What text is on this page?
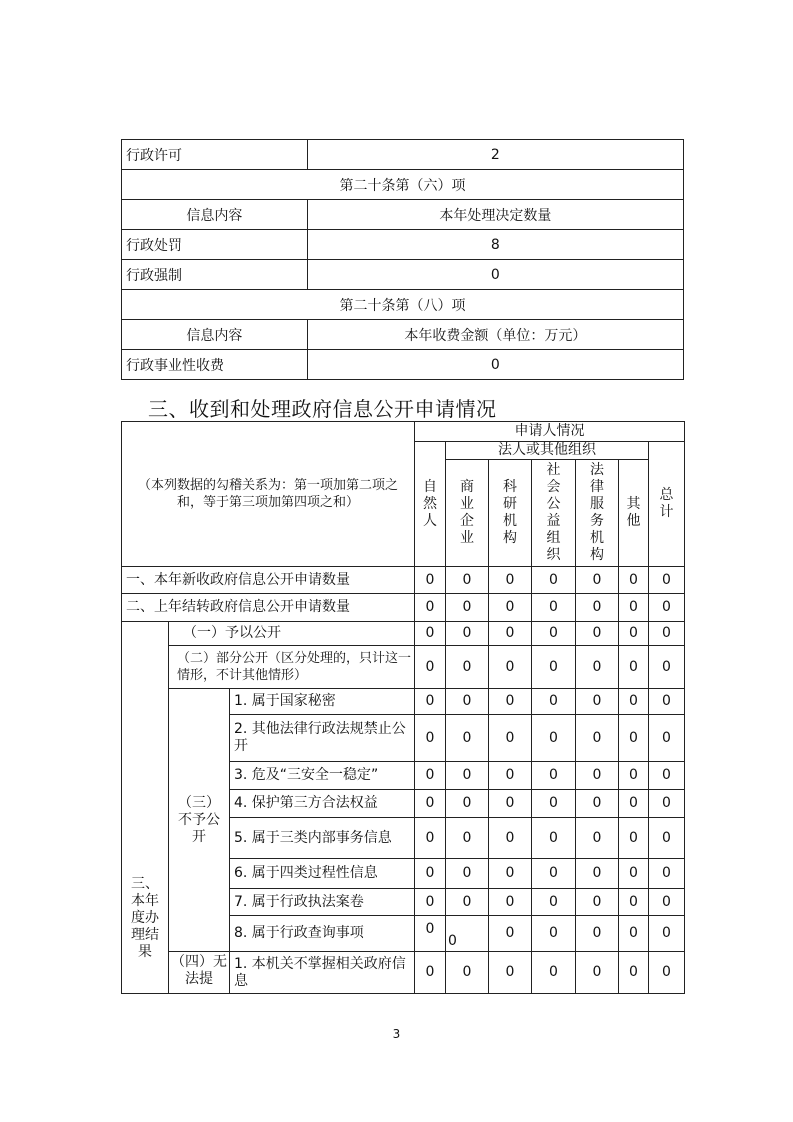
行政许可	2
第二十条第（六）项	
信息内容	本年处理决定数量
行政处罚	8
行政强制	0
第二十条第（八）项	
信息内容	本年收费金额（单位：万元）
行政事业性收费	0
三、收到和处理政府信息公开申请情况
（本列数据的勾稽关系为：第一项加第二项之和，等于第三项加第四项之和）			申请人情况						
			自然人	法人或其他组织					总计
				商业企业	科研机构	社会公益组织	法律服务机构	其他	
一、本年新收政府信息公开申请数量			0	0	0	0	0	0	0
二、上年结转政府信息公开申请数量			0	0	0	0	0	0	0
三、本年度办理结果	（一）予以公开		0	0	0	0	0	0	0
	（二）部分公开（区分处理的，只计这一情形，不计其他情形）		0	0	0	0	0	0	0
	（三）不予公开	1. 属于国家秘密	0	0	0	0	0	0	0
		2. 其他法律行政法规禁止公开	0	0	0	0	0	0	0
		3. 危及“三安全一稳定”	0	0	0	0	0	0	0
		4. 保护第三方合法权益	0	0	0	0	0	0	0
		5. 属于三类内部事务信息	0	0	0	0	0	0	0
		6. 属于四类过程性信息	0	0	0	0	0	0	0
		7. 属于行政执法案卷	0	0	0	0	0	0	0
		8. 属于行政查询事项	0	0	0	0	0	0	0
	（四）无法提	1. 本机关不掌握相关政府信息	0	0	0	0	0	0	0
3
